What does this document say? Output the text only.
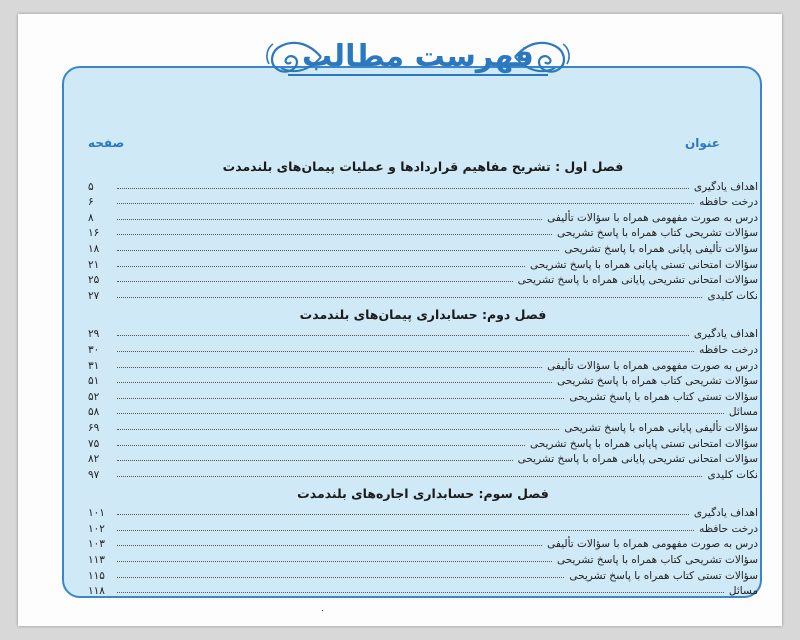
فهرست مطالب
عنوان
صفحه
فصل اول : تشریح مفاهیم قراردادها و عملیات پیمان‌های بلندمدت
اهداف یادگیری
۵
درخت حافظه
۶
درس به صورت مفهومی همراه با سؤالات تألیفی
۸
سؤالات تشریحی کتاب همراه با پاسخ تشریحی
۱۶
سؤالات تألیفی پایانی همراه با پاسخ تشریحی
۱۸
سؤالات امتحانی تستی پایانی همراه با پاسخ تشریحی
۲۱
سؤالات امتحانی تشریحی پایانی همراه با پاسخ تشریحی
۲۵
نکات کلیدی
۲۷
فصل دوم: حسابداری پیمان‌های بلندمدت
اهداف یادگیری
۲۹
درخت حافظه
۳۰
درس به صورت مفهومی همراه با سؤالات تألیفی
۳۱
سؤالات تشریحی کتاب همراه با پاسخ تشریحی
۵۱
سؤالات تستی کتاب همراه با پاسخ تشریحی
۵۲
مسائل
۵۸
سؤالات تألیفی پایانی همراه با پاسخ تشریحی
۶۹
سؤالات امتحانی تستی پایانی همراه با پاسخ تشریحی
۷۵
سؤالات امتحانی تشریحی پایانی همراه با پاسخ تشریحی
۸۲
نکات کلیدی
۹۷
فصل سوم: حسابداری اجاره‌های بلندمدت
اهداف یادگیری
۱۰۱
درخت حافظه
۱۰۲
درس به صورت مفهومی همراه با سؤالات تألیفی
۱۰۳
سؤالات تشریحی کتاب همراه با پاسخ تشریحی
۱۱۳
سؤالات تستی کتاب همراه با پاسخ تشریحی
۱۱۵
مسائل
۱۱۸
۰
